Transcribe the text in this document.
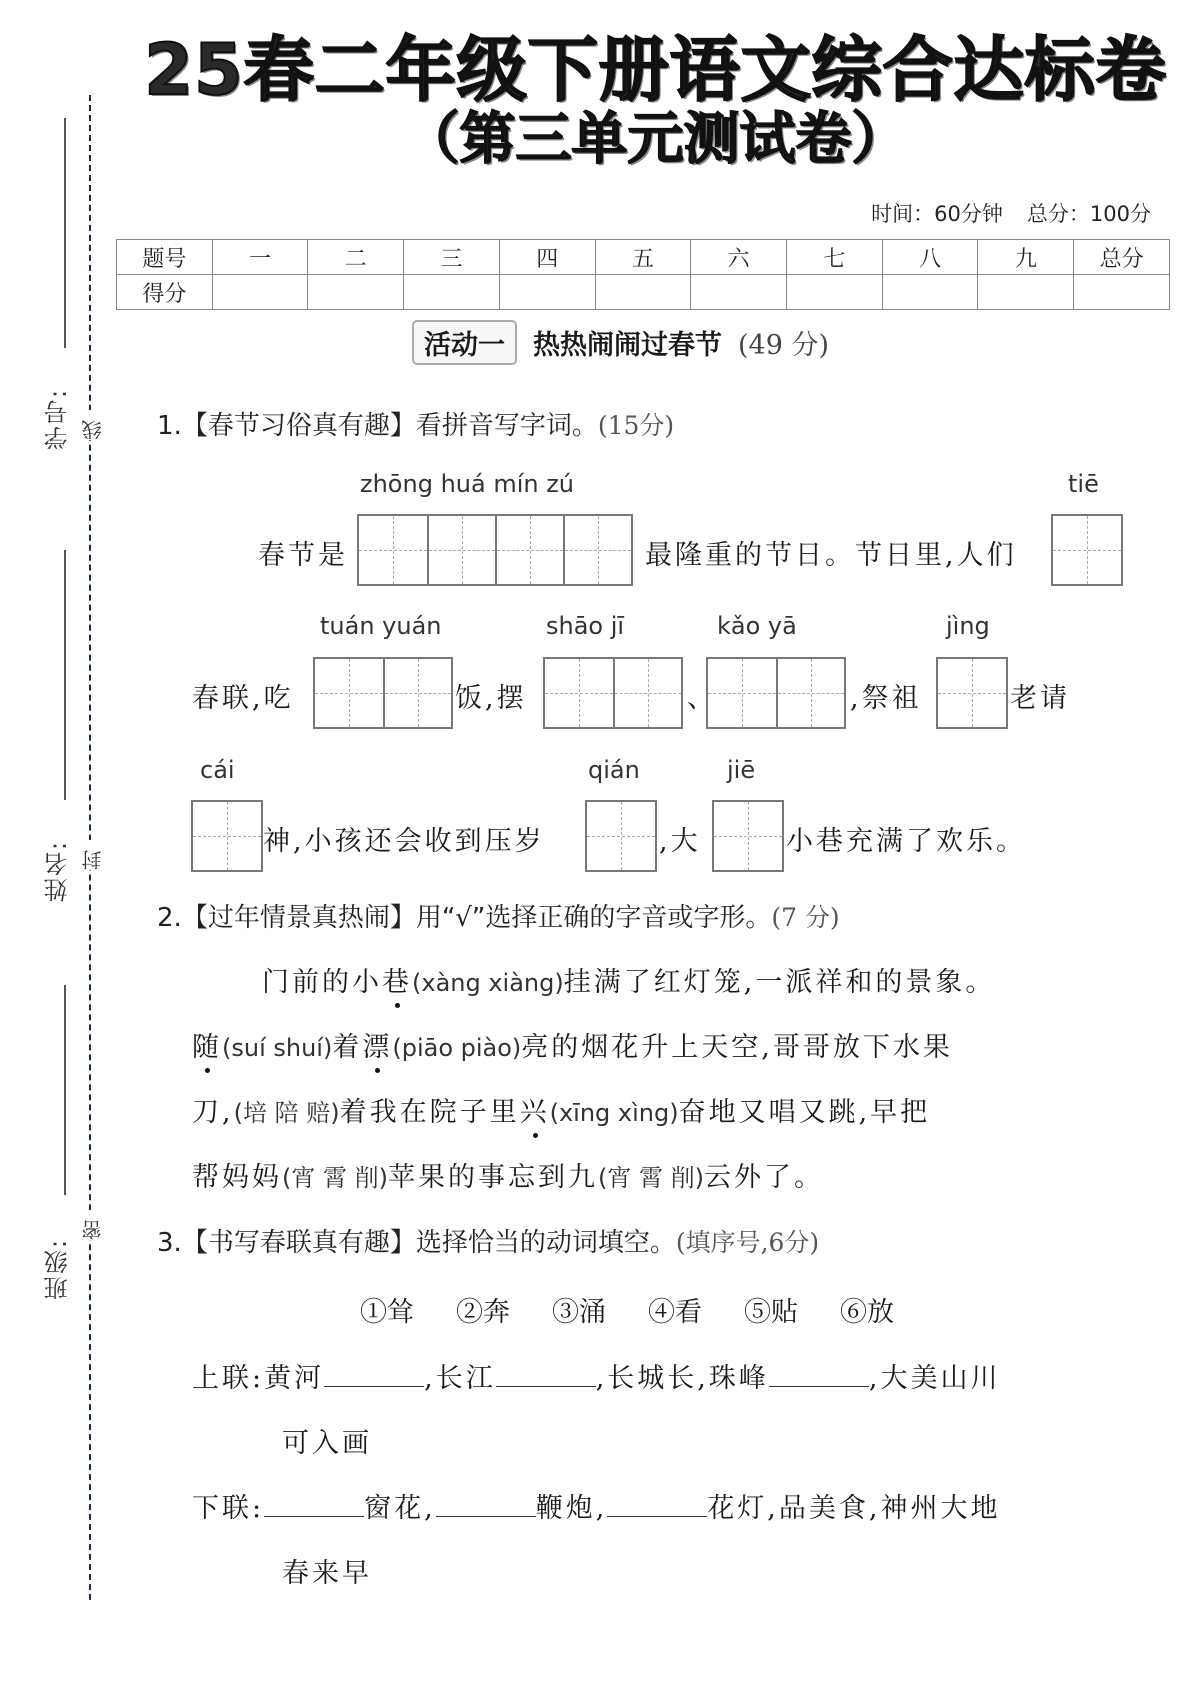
学号:
姓名:
班级:
线
封
密
25春二年级下册语文综合达标卷
（第三单元测试卷）
时间：60分钟 总分：100分
题号	一	二	三	四	五	六	七	八	九	总分
得分										
活动一	热热闹闹过春节 (49 分)
1.【春节习俗真有趣】看拼音写字词。(15分)
zhōng huá mín zú	tiē
春节是	最隆重的节日。节日里,人们
tuán yuán	shāo jī	kǎo yā	jìng
春联,吃	饭,摆	、	,祭祖	老请
cái	qián	jiē
神,小孩还会收到压岁	,大	小巷充满了欢乐。
2.【过年情景真热闹】用“√”选择正确的字音或字形。(7 分)
门前的小巷(xàng xiàng)挂满了红灯笼,一派祥和的景象。
随(suí shuí)着漂(piāo piào)亮的烟花升上天空,哥哥放下水果
刀,(培 陪 赔)着我在院子里兴(xīng xìng)奋地又唱又跳,早把
帮妈妈(宵 霄 削)苹果的事忘到九(宵 霄 削)云外了。
3.【书写春联真有趣】选择恰当的动词填空。(填序号,6分)
①耸 ②奔 ③涌 ④看 ⑤贴 ⑥放
上联:黄河	,长江	,长城长,珠峰	,大美山川
可入画
下联:	窗花,	鞭炮,	花灯,品美食,神州大地
春来早
